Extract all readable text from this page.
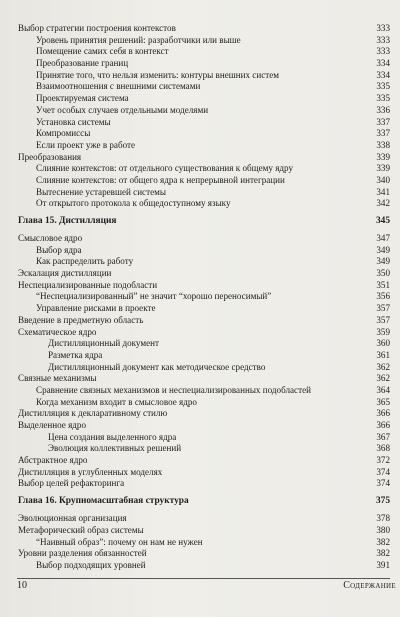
Выбор стратегии построения контекстов	333
Уровень принятия решений: разработчики или выше	333
Помещение самих себя в контекст	333
Преобразование границ	334
Принятие того, что нельзя изменить: контуры внешних систем	334
Взаимоотношения с внешними системами	335
Проектируемая система	335
Учет особых случаев отдельными моделями	336
Установка системы	337
Компромиссы	337
Если проект уже в работе	338
Преобразования	339
Слияние контекстов: от отдельного существования к общему ядру	339
Слияние контекстов: от общего ядра к непрерывной интеграции	340
Вытеснение устаревшей системы	341
От открытого протокола к общедоступному языку	342
Глава 15. Дистилляция	345
Смысловое ядро	347
Выбор ядра	349
Как распределить работу	349
Эскалация дистилляции	350
Неспециализированные подобласти	351
“Неспециализированный” не значит “хорошо переносимый”	356
Управление рисками в проекте	357
Введение в предметную область	357
Схематическое ядро	359
Дистилляционный документ	360
Разметка ядра	361
Дистилляционный документ как методическое средство	362
Связные механизмы	362
Сравнение связных механизмов и неспециализированных подобластей	364
Когда механизм входит в смысловое ядро	365
Дистилляция к декларативному стилю	366
Выделенное ядро	366
Цена создания выделенного ядра	367
Эволюция коллективных решений	368
Абстрактное ядро	372
Дистилляция в углубленных моделях	374
Выбор целей рефакторинга	374
Глава 16. Крупномасштабная структура	375
Эволюционная организация	378
Метафорический образ системы	380
“Наивный образ”: почему он нам не нужен	382
Уровни разделения обязанностей	382
Выбор подходящих уровней	391
10	Содержание
